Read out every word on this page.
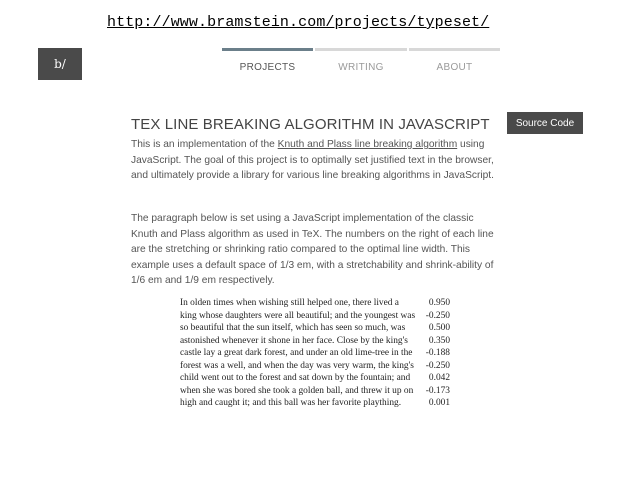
http://www.bramstein.com/projects/typeset/
b/	PROJECTS	WRITING	ABOUT
Source Code
TEX LINE BREAKING ALGORITHM IN JAVASCRIPT

This is an implementation of the Knuth and Plass line breaking algorithm using JavaScript. The goal of this project is to optimally set justified text in the browser, and ultimately provide a library for various line breaking algorithms in JavaScript.

The paragraph below is set using a JavaScript implementation of the classic Knuth and Plass algorithm as used in TeX. The numbers on the right of each line are the stretching or shrinking ratio compared to the optimal line width. This example uses a default space of 1/3 em, with a stretchability and shrink-ability of 1/6 em and 1/9 em respectively.

In olden times when wishing still helped one, there lived a	0.950
king whose daughters were all beautiful; and the youngest was	-0.250
so beautiful that the sun itself, which has seen so much, was	0.500
astonished whenever it shone in her face. Close by the king's	0.350
castle lay a great dark forest, and under an old lime-tree in the	-0.188
forest was a well, and when the day was very warm, the king's	-0.250
child went out to the forest and sat down by the fountain; and	0.042
when she was bored she took a golden ball, and threw it up on	-0.173
high and caught it; and this ball was her favorite plaything.	0.001
